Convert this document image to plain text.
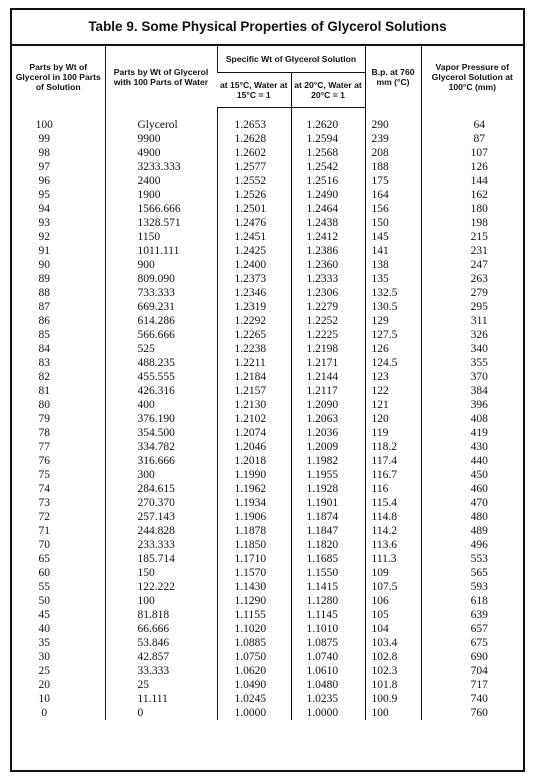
Table 9. Some Physical Properties of Glycerol Solutions
Parts by Wt of Glycerol in 100 Parts of Solution	Parts by Wt of Glycerol with 100 Parts of Water	Specific Wt of Glycerol Solution		B.p. at 760 mm (°C)	Vapor Pressure of Glycerol Solution at 100°C (mm)
		at 15°C, Water at 15°C = 1	at 20°C, Water at 20°C = 1		
100	Glycerol	1.2653	1.2620	290	64
99	9900	1.2628	1.2594	239	87
98	4900	1.2602	1.2568	208	107
97	3233.333	1.2577	1.2542	188	126
96	2400	1.2552	1.2516	175	144
95	1900	1.2526	1.2490	164	162
94	1566.666	1.2501	1.2464	156	180
93	1328.571	1.2476	1.2438	150	198
92	1150	1.2451	1.2412	145	215
91	1011.111	1.2425	1.2386	141	231
90	900	1.2400	1.2360	138	247
89	809.090	1.2373	1.2333	135	263
88	733.333	1.2346	1.2306	132.5	279
87	669.231	1.2319	1.2279	130.5	295
86	614.286	1.2292	1.2252	129	311
85	566.666	1.2265	1.2225	127.5	326
84	525	1.2238	1.2198	126	340
83	488.235	1.2211	1.2171	124.5	355
82	455.555	1.2184	1.2144	123	370
81	426.316	1.2157	1.2117	122	384
80	400	1.2130	1.2090	121	396
79	376.190	1.2102	1.2063	120	408
78	354.500	1.2074	1.2036	119	419
77	334.782	1.2046	1.2009	118.2	430
76	316.666	1.2018	1.1982	117.4	440
75	300	1.1990	1.1955	116.7	450
74	284.615	1.1962	1.1928	116	460
73	270.370	1.1934	1.1901	115.4	470
72	257.143	1.1906	1.1874	114.8	480
71	244.828	1.1878	1.1847	114.2	489
70	233.333	1.1850	1.1820	113.6	496
65	185.714	1.1710	1.1685	111.3	553
60	150	1.1570	1.1550	109	565
55	122.222	1.1430	1.1415	107.5	593
50	100	1.1290	1.1280	106	618
45	81.818	1.1155	1.1145	105	639
40	66.666	1.1020	1.1010	104	657
35	53.846	1.0885	1.0875	103.4	675
30	42.857	1.0750	1.0740	102.8	690
25	33.333	1.0620	1.0610	102.3	704
20	25	1.0490	1.0480	101.8	717
10	11.111	1.0245	1.0235	100.9	740
0	0	1.0000	1.0000	100	760
